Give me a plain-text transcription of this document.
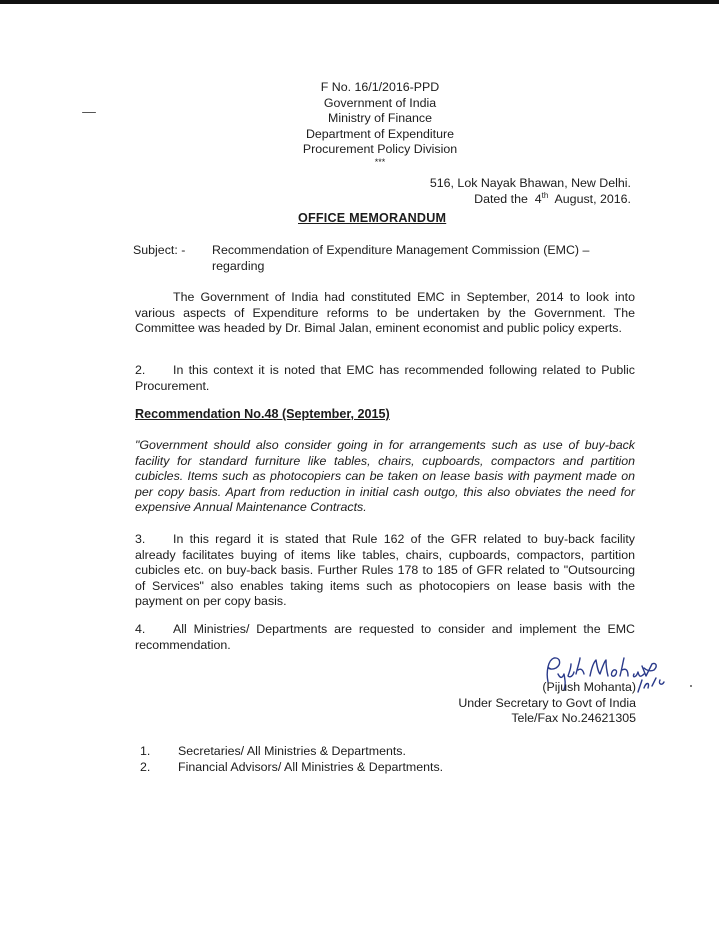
F No. 16/1/2016-PPD
Government of India
Ministry of Finance
Department of Expenditure
Procurement Policy Division
***
516, Lok Nayak Bhawan, New Delhi.
Dated the 4th August, 2016.
OFFICE MEMORANDUM
Subject: - Recommendation of Expenditure Management Commission (EMC) – regarding
The Government of India had constituted EMC in September, 2014 to look into various aspects of Expenditure reforms to be undertaken by the Government. The Committee was headed by Dr. Bimal Jalan, eminent economist and public policy experts.
2. In this context it is noted that EMC has recommended following related to Public Procurement.
Recommendation No.48 (September, 2015)
"Government should also consider going in for arrangements such as use of buy-back facility for standard furniture like tables, chairs, cupboards, compactors and partition cubicles. Items such as photocopiers can be taken on lease basis with payment made on per copy basis. Apart from reduction in initial cash outgo, this also obviates the need for expensive Annual Maintenance Contracts.
3. In this regard it is stated that Rule 162 of the GFR related to buy-back facility already facilitates buying of items like tables, chairs, cupboards, compactors, partition cubicles etc. on buy-back basis. Further Rules 178 to 185 of GFR related to "Outsourcing of Services" also enables taking items such as photocopiers on lease basis with the payment on per copy basis.
4. All Ministries/ Departments are requested to consider and implement the EMC recommendation.
(Pijush Mohanta)
Under Secretary to Govt of India
Tele/Fax No.24621305
1.	Secretaries/ All Ministries & Departments.
2.	Financial Advisors/ All Ministries & Departments.
